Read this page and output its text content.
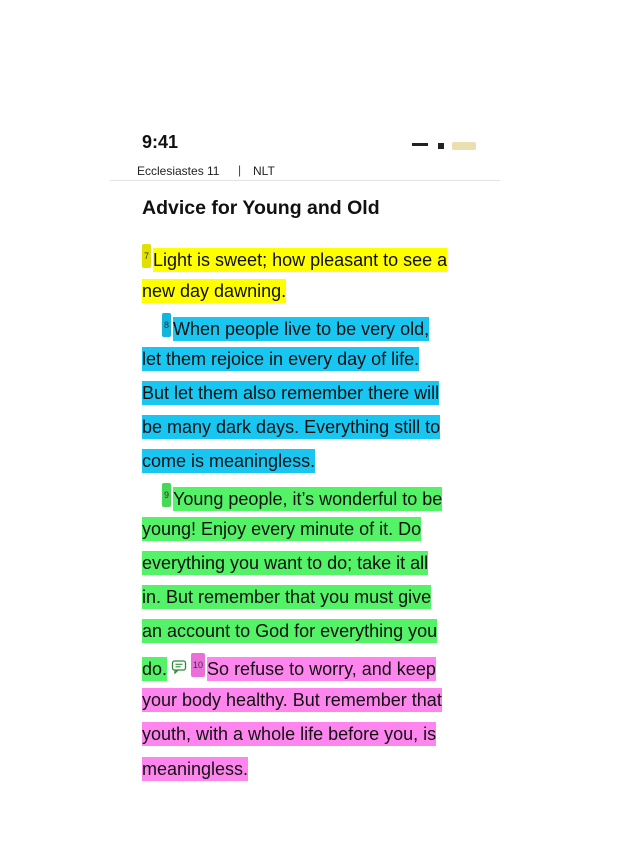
9:41
Ecclesiastes 11 | NLT
Advice for Young and Old
7 Light is sweet; how pleasant to see a
new day dawning.
8 When people live to be very old,
let them rejoice in every day of life.
But let them also remember there will
be many dark days. Everything still to
come is meaningless.
9 Young people, it’s wonderful to be
young! Enjoy every minute of it. Do
everything you want to do; take it all
in. But remember that you must give
an account to God for everything you
do.	10 So refuse to worry, and keep
your body healthy. But remember that
youth, with a whole life before you, is
meaningless.
